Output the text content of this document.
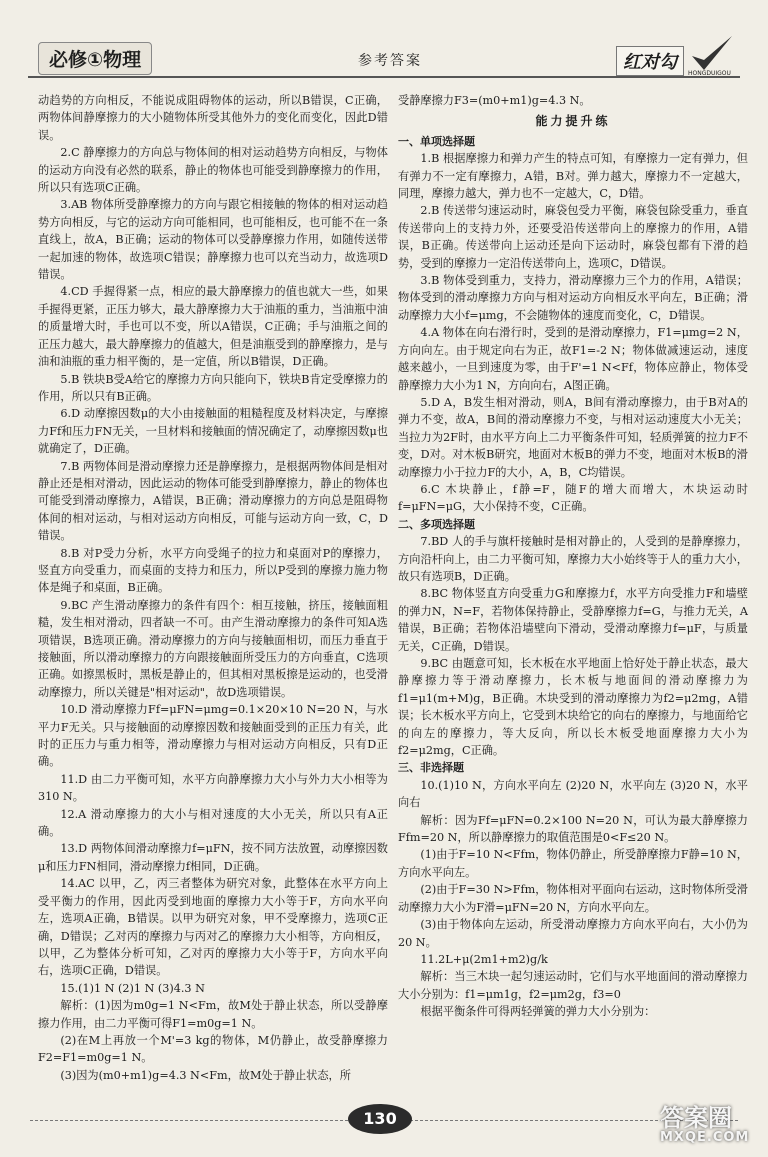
必修①物理	参考答案	红对勾
HONGDUIGOU

动趋势的方向相反，不能说成阻碍物体的运动，所以B错误，C正确，两物体间静摩擦力的大小随物体所受其他外力的变化而变化，因此D错误。

2.C 静摩擦力的方向总与物体间的相对运动趋势方向相反，与物体的运动方向没有必然的联系，静止的物体也可能受到静摩擦力的作用，所以只有选项C正确。

3.AB 物体所受静摩擦力的方向与跟它相接触的物体的相对运动趋势方向相反，与它的运动方向可能相同，也可能相反，也可能不在一条直线上，故A，B正确；运动的物体可以受静摩擦力作用，如随传送带一起加速的物体，故选项C错误；静摩擦力也可以充当动力，故选项D错误。

4.CD 手握得紧一点，相应的最大静摩擦力的值也就大一些，如果手握得更紧，正压力够大，最大静摩擦力大于油瓶的重力，当油瓶中油的质量增大时，手也可以不变，所以A错误，C正确；手与油瓶之间的正压力越大，最大静摩擦力的值越大，但是油瓶受到的静摩擦力，是与油和油瓶的重力相平衡的，是一定值，所以B错误，D正确。

5.B 铁块B受A给它的摩擦力方向只能向下，铁块B肯定受摩擦力的作用，所以只有B正确。

6.D 动摩擦因数μ的大小由接触面的粗糙程度及材料决定，与摩擦力Ff和压力FN无关，一旦材料和接触面的情况确定了，动摩擦因数μ也就确定了，D正确。

7.B 两物体间是滑动摩擦力还是静摩擦力，是根据两物体间是相对静止还是相对滑动，因此运动的物体可能受到静摩擦力，静止的物体也可能受到滑动摩擦力，A错误，B正确；滑动摩擦力的方向总是阻碍物体间的相对运动，与相对运动方向相反，可能与运动方向一致，C，D错误。

8.B 对P受力分析，水平方向受绳子的拉力和桌面对P的摩擦力，竖直方向受重力，而桌面的支持力和压力，所以P受到的摩擦力施力物体是绳子和桌面，B正确。

9.BC 产生滑动摩擦力的条件有四个：相互接触，挤压，接触面粗糙，发生相对滑动，四者缺一不可。由产生滑动摩擦力的条件可知A选项错误，B选项正确。滑动摩擦力的方向与接触面相切，而压力垂直于接触面，所以滑动摩擦力的方向跟接触面所受压力的方向垂直，C选项正确。如擦黑板时，黑板是静止的，但其相对黑板擦是运动的，也受滑动摩擦力，所以关键是"相对运动"，故D选项错误。

10.D 滑动摩擦力Ff=μFN=μmg=0.1×20×10 N=20 N，与水平力F无关。只与接触面的动摩擦因数和接触面受到的正压力有关，此时的正压力与重力相等，滑动摩擦力与相对运动方向相反，只有D正确。

11.D 由二力平衡可知，水平方向静摩擦力大小与外力大小相等为310 N。

12.A 滑动摩擦力的大小与相对速度的大小无关，所以只有A正确。

13.D 两物体间滑动摩擦力f=μFN，按不同方法放置，动摩擦因数μ和压力FN相同，滑动摩擦力f相同，D正确。

14.AC 以甲，乙，丙三者整体为研究对象，此整体在水平方向上受平衡力的作用，因此丙受到地面的摩擦力大小等于F，方向水平向左，选项A正确，B错误。以甲为研究对象，甲不受摩擦力，选项C正确，D错误；乙对丙的摩擦力与丙对乙的摩擦力大小相等，方向相反，以甲，乙为整体分析可知，乙对丙的摩擦力大小等于F，方向水平向右，选项C正确，D错误。

15.(1)1 N (2)1 N (3)4.3 N

解析：(1)因为m0g=1 N<Fm，故M处于静止状态，所以受静摩擦力作用，由二力平衡可得F1=m0g=1 N。

(2)在M上再放一个M'=3 kg的物体，M仍静止，故受静摩擦力F2=F1=m0g=1 N。

(3)因为(m0+m1)g=4.3 N<Fm，故M处于静止状态，所

受静摩擦力F3=(m0+m1)g=4.3 N。

能力提升练

一、单项选择题

1.B 根据摩擦力和弹力产生的特点可知，有摩擦力一定有弹力，但有弹力不一定有摩擦力，A错，B对。弹力越大，摩擦力不一定越大，同理，摩擦力越大，弹力也不一定越大，C，D错。

2.B 传送带匀速运动时，麻袋包受力平衡，麻袋包除受重力，垂直传送带向上的支持力外，还要受沿传送带向上的摩擦力的作用，A错误，B正确。传送带向上运动还是向下运动时，麻袋包都有下滑的趋势，受到的摩擦力一定沿传送带向上，选项C，D错误。

3.B 物体受到重力，支持力，滑动摩擦力三个力的作用，A错误；物体受到的滑动摩擦力方向与相对运动方向相反水平向左，B正确；滑动摩擦力大小f=μmg，不会随物体的速度而变化，C，D错误。

4.A 物体在向右滑行时，受到的是滑动摩擦力，F1=μmg=2 N，方向向左。由于规定向右为正，故F1=-2 N；物体做减速运动，速度越来越小，一旦到速度为零，由于F'=1 N<Ff，物体应静止，物体受静摩擦力大小为1 N，方向向右，A图正确。

5.D A，B发生相对滑动，则A，B间有滑动摩擦力，由于B对A的弹力不变，故A，B间的滑动摩擦力不变，与相对运动速度大小无关；当拉力为2F时，由水平方向上二力平衡条件可知，轻质弹簧的拉力F不变，D对。对木板B研究，地面对木板B的弹力不变，地面对木板B的滑动摩擦力小于拉力F的大小，A，B，C均错误。

6.C 木块静止，f静=F，随F的增大而增大，木块运动时f=μFN=μG，大小保持不变，C正确。

二、多项选择题

7.BD 人的手与旗杆接触时是相对静止的，人受到的是静摩擦力，方向沿杆向上，由二力平衡可知，摩擦力大小始终等于人的重力大小，故只有选项B，D正确。

8.BC 物体竖直方向受重力G和摩擦力f，水平方向受推力F和墙壁的弹力N，N=F，若物体保持静止，受静摩擦力f=G，与推力无关，A错误，B正确；若物体沿墙壁向下滑动，受滑动摩擦力f=μF，与质量无关，C正确，D错误。

9.BC 由题意可知，长木板在水平地面上恰好处于静止状态，最大静摩擦力等于滑动摩擦力，长木板与地面间的滑动摩擦力为f1=μ1(m+M)g，B正确。木块受到的滑动摩擦力为f2=μ2mg，A错误；长木板水平方向上，它受到木块给它的向右的摩擦力，与地面给它的向左的摩擦力，等大反向，所以长木板受地面摩擦力大小为f2=μ2mg，C正确。

三、非选择题

10.(1)10 N，方向水平向左 (2)20 N，水平向左 (3)20 N，水平向右

解析：因为Ff=μFN=0.2×100 N=20 N，可认为最大静摩擦力Ffm=20 N，所以静摩擦力的取值范围是0<F≤20 N。

(1)由于F=10 N<Ffm，物体仍静止，所受静摩擦力F静=10 N，方向水平向左。

(2)由于F=30 N>Ffm，物体相对平面向右运动，这时物体所受滑动摩擦力大小为F滑=μFN=20 N，方向水平向左。

(3)由于物体向左运动，所受滑动摩擦力方向水平向右，大小仍为20 N。

11.2L+μ(2m1+m2)g/k

解析：当三木块一起匀速运动时，它们与水平地面间的滑动摩擦力大小分别为：f1=μm1g，f2=μm2g，f3=0

根据平衡条件可得两轻弹簧的弹力大小分别为：

130	答案圈
MXQE.COM
